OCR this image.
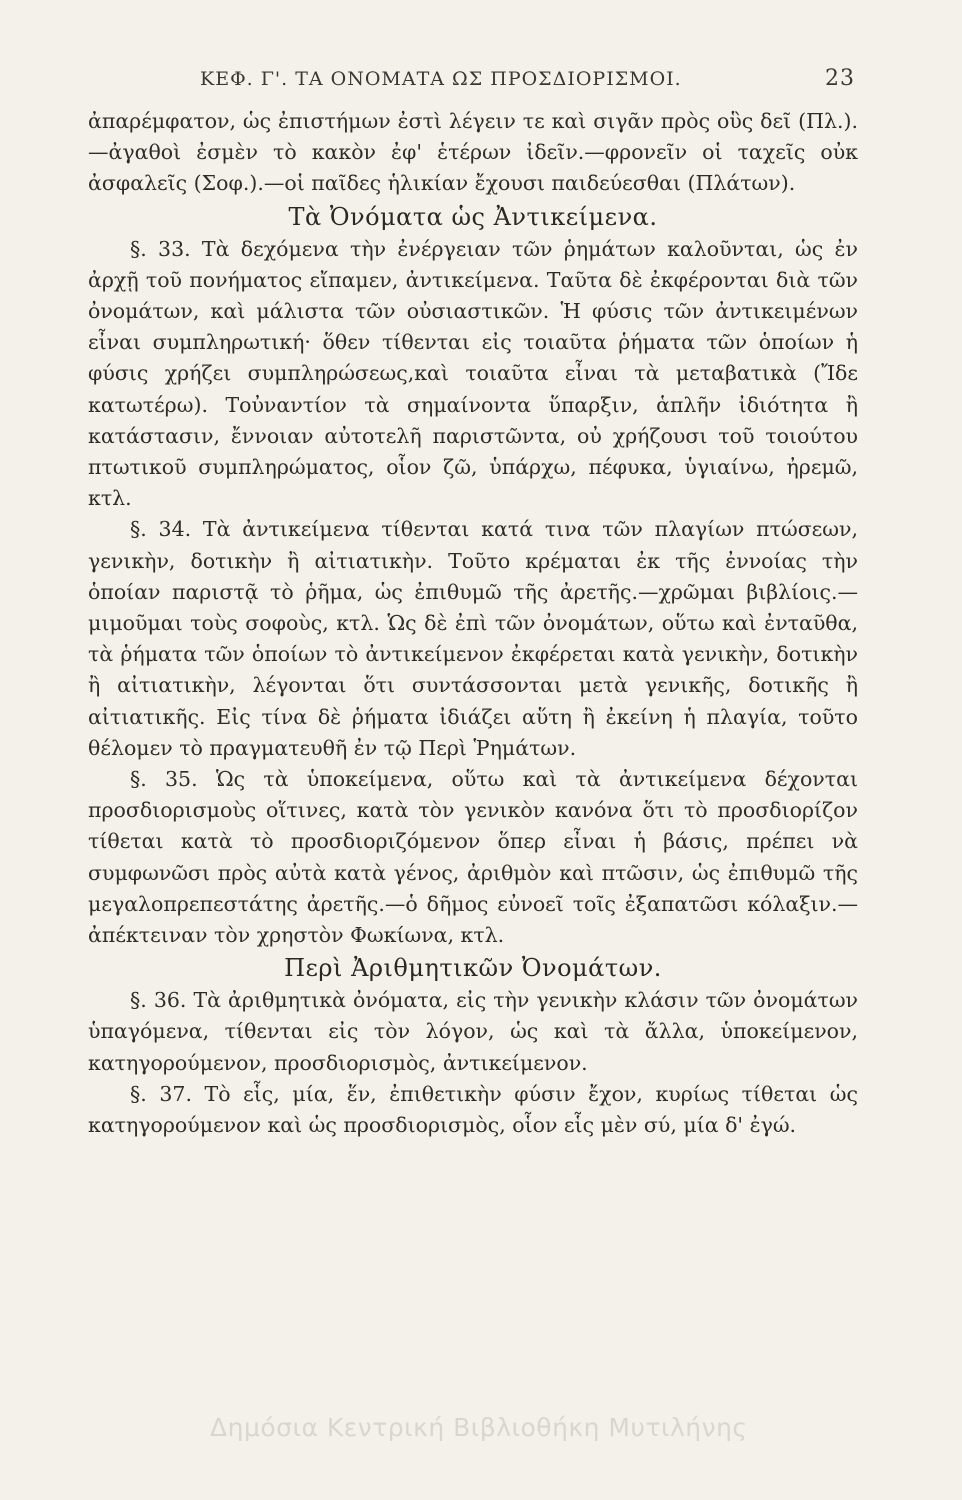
ΚΕΦ. Γ'. ΤΑ ΟΝΟΜΑΤΑ ΩΣ ΠΡΟΣΔΙΟΡΙΣΜΟΙ.	23

ἀπαρέμφατον, ὡς ἐπιστήμων ἐστὶ λέγειν τε καὶ σιγᾶν πρὸς οὓς δεῖ (Πλ.).—ἀγαθοὶ ἐσμὲν τὸ κακὸν ἐφ' ἑτέρων ἰδεῖν.—φρονεῖν οἱ ταχεῖς οὐκ ἀσφαλεῖς (Σοφ.).—οἱ παῖδες ἡλικίαν ἔχουσι παιδεύεσθαι (Πλάτων).

Τὰ Ὀνόματα ὡς Ἀντικείμενα.

§. 33. Τὰ δεχόμενα τὴν ἐνέργειαν τῶν ῥημάτων καλοῦνται, ὡς ἐν ἀρχῇ τοῦ πονήματος εἴπαμεν, ἀντικείμενα. Ταῦτα δὲ ἐκφέρονται διὰ τῶν ὀνομάτων, καὶ μάλιστα τῶν οὐσιαστικῶν. Ἡ φύσις τῶν ἀντικειμένων εἶναι συμπληρωτική· ὅθεν τίθενται εἰς τοιαῦτα ῥήματα τῶν ὁποίων ἡ φύσις χρήζει συμπληρώσεως,καὶ τοιαῦτα εἶναι τὰ μεταβατικὰ (Ἴδε κατωτέρω). Τοὐναντίον τὰ σημαίνοντα ὕπαρξιν, ἁπλῆν ἰδιότητα ἢ κατάστασιν, ἔννοιαν αὐτοτελῆ παριστῶντα, οὐ χρήζουσι τοῦ τοιούτου πτωτικοῦ συμπληρώματος, οἷον ζῶ, ὑπάρχω, πέφυκα, ὑγιαίνω, ἠρεμῶ, κτλ.

§. 34. Τὰ ἀντικείμενα τίθενται κατά τινα τῶν πλαγίων πτώσεων, γενικὴν, δοτικὴν ἢ αἰτιατικὴν. Τοῦτο κρέμαται ἐκ τῆς ἐννοίας τὴν ὁποίαν παριστᾷ τὸ ῥῆμα, ὡς ἐπιθυμῶ τῆς ἀρετῆς.—χρῶμαι βιβλίοις.—μιμοῦμαι τοὺς σοφοὺς, κτλ. Ὡς δὲ ἐπὶ τῶν ὀνομάτων, οὕτω καὶ ἐνταῦθα, τὰ ῥήματα τῶν ὁποίων τὸ ἀντικείμενον ἐκφέρεται κατὰ γενικὴν, δοτικὴν ἢ αἰτιατικὴν, λέγονται ὅτι συντάσσονται μετὰ γενικῆς, δοτικῆς ἢ αἰτιατικῆς. Εἰς τίνα δὲ ῥήματα ἰδιάζει αὕτη ἢ ἐκείνη ἡ πλαγία, τοῦτο θέλομεν τὸ πραγματευθῆ ἐν τῷ Περὶ Ῥημάτων.

§. 35. Ὡς τὰ ὑποκείμενα, οὕτω καὶ τὰ ἀντικείμενα δέχονται προσδιορισμοὺς οἵτινες, κατὰ τὸν γενικὸν κανόνα ὅτι τὸ προσδιορίζον τίθεται κατὰ τὸ προσδιοριζόμενον ὅπερ εἶναι ἡ βάσις, πρέπει νὰ συμφωνῶσι πρὸς αὐτὰ κατὰ γένος, ἀριθμὸν καὶ πτῶσιν, ὡς ἐπιθυμῶ τῆς μεγαλοπρεπεστάτης ἀρετῆς.—ὁ δῆμος εὐνοεῖ τοῖς ἐξαπατῶσι κόλαξιν.—ἀπέκτειναν τὸν χρηστὸν Φωκίωνα, κτλ.

Περὶ Ἀριθμητικῶν Ὀνομάτων.

§. 36. Τὰ ἀριθμητικὰ ὀνόματα, εἰς τὴν γενικὴν κλάσιν τῶν ὀνομάτων ὑπαγόμενα, τίθενται εἰς τὸν λόγον, ὡς καὶ τὰ ἄλλα, ὑποκείμενον, κατηγορούμενον, προσδιορισμὸς, ἀντικείμενον.

§. 37. Τὸ εἷς, μία, ἕν, ἐπιθετικὴν φύσιν ἔχον, κυρίως τίθεται ὡς κατηγορούμενον καὶ ὡς προσδιορισμὸς, οἷον εἷς μὲν σύ, μία δ' ἐγώ.

Δημόσια Κεντρική Βιβλιοθήκη Μυτιλήνης
